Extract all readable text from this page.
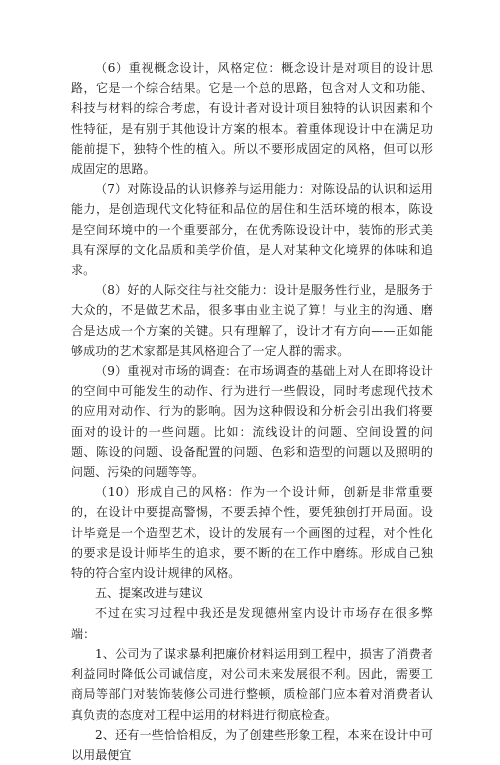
（6）重视概念设计，风格定位：概念设计是对项目的设计思路，它是一个综合结果。它是一个总的思路，包含对人文和功能、科技与材料的综合考虑，有设计者对设计项目独特的认识因素和个性特征，是有别于其他设计方案的根本。着重体现设计中在满足功能前提下，独特个性的植入。所以不要形成固定的风格，但可以形成固定的思路。

（7）对陈设品的认识修养与运用能力：对陈设品的认识和运用能力，是创造现代文化特征和品位的居住和生活环境的根本，陈设是空间环境中的一个重要部分，在优秀陈设设计中，装饰的形式美具有深厚的文化品质和美学价值，是人对某种文化境界的体味和追求。

（8）好的人际交往与社交能力：设计是服务性行业，是服务于大众的，不是做艺术品，很多事由业主说了算！与业主的沟通、磨合是达成一个方案的关键。只有理解了，设计才有方向——正如能够成功的艺术家都是其风格迎合了一定人群的需求。

（9）重视对市场的调查：在市场调查的基础上对人在即将设计的空间中可能发生的动作、行为进行一些假设，同时考虑现代技术的应用对动作、行为的影响。因为这种假设和分析会引出我们将要面对的设计的一些问题。比如：流线设计的问题、空间设置的问题、陈设的问题、设备配置的问题、色彩和造型的问题以及照明的问题、污染的问题等等。

（10）形成自己的风格：作为一个设计师，创新是非常重要的，在设计中要提高警惕，不要丢掉个性，要凭独创打开局面。设计毕竟是一个造型艺术，设计的发展有一个画图的过程，对个性化的要求是设计师毕生的追求，要不断的在工作中磨练。形成自己独特的符合室内设计规律的风格。

五、提案改进与建议

不过在实习过程中我还是发现德州室内设计市场存在很多弊端：

1、公司为了谋求暴利把廉价材料运用到工程中，损害了消费者利益同时降低公司诚信度，对公司未来发展很不利。因此，需要工商局等部门对装饰装修公司进行整顿，质检部门应本着对消费者认真负责的态度对工程中运用的材料进行彻底检查。

2、还有一些恰恰相反，为了创建些形象工程，本来在设计中可以用最便宜
